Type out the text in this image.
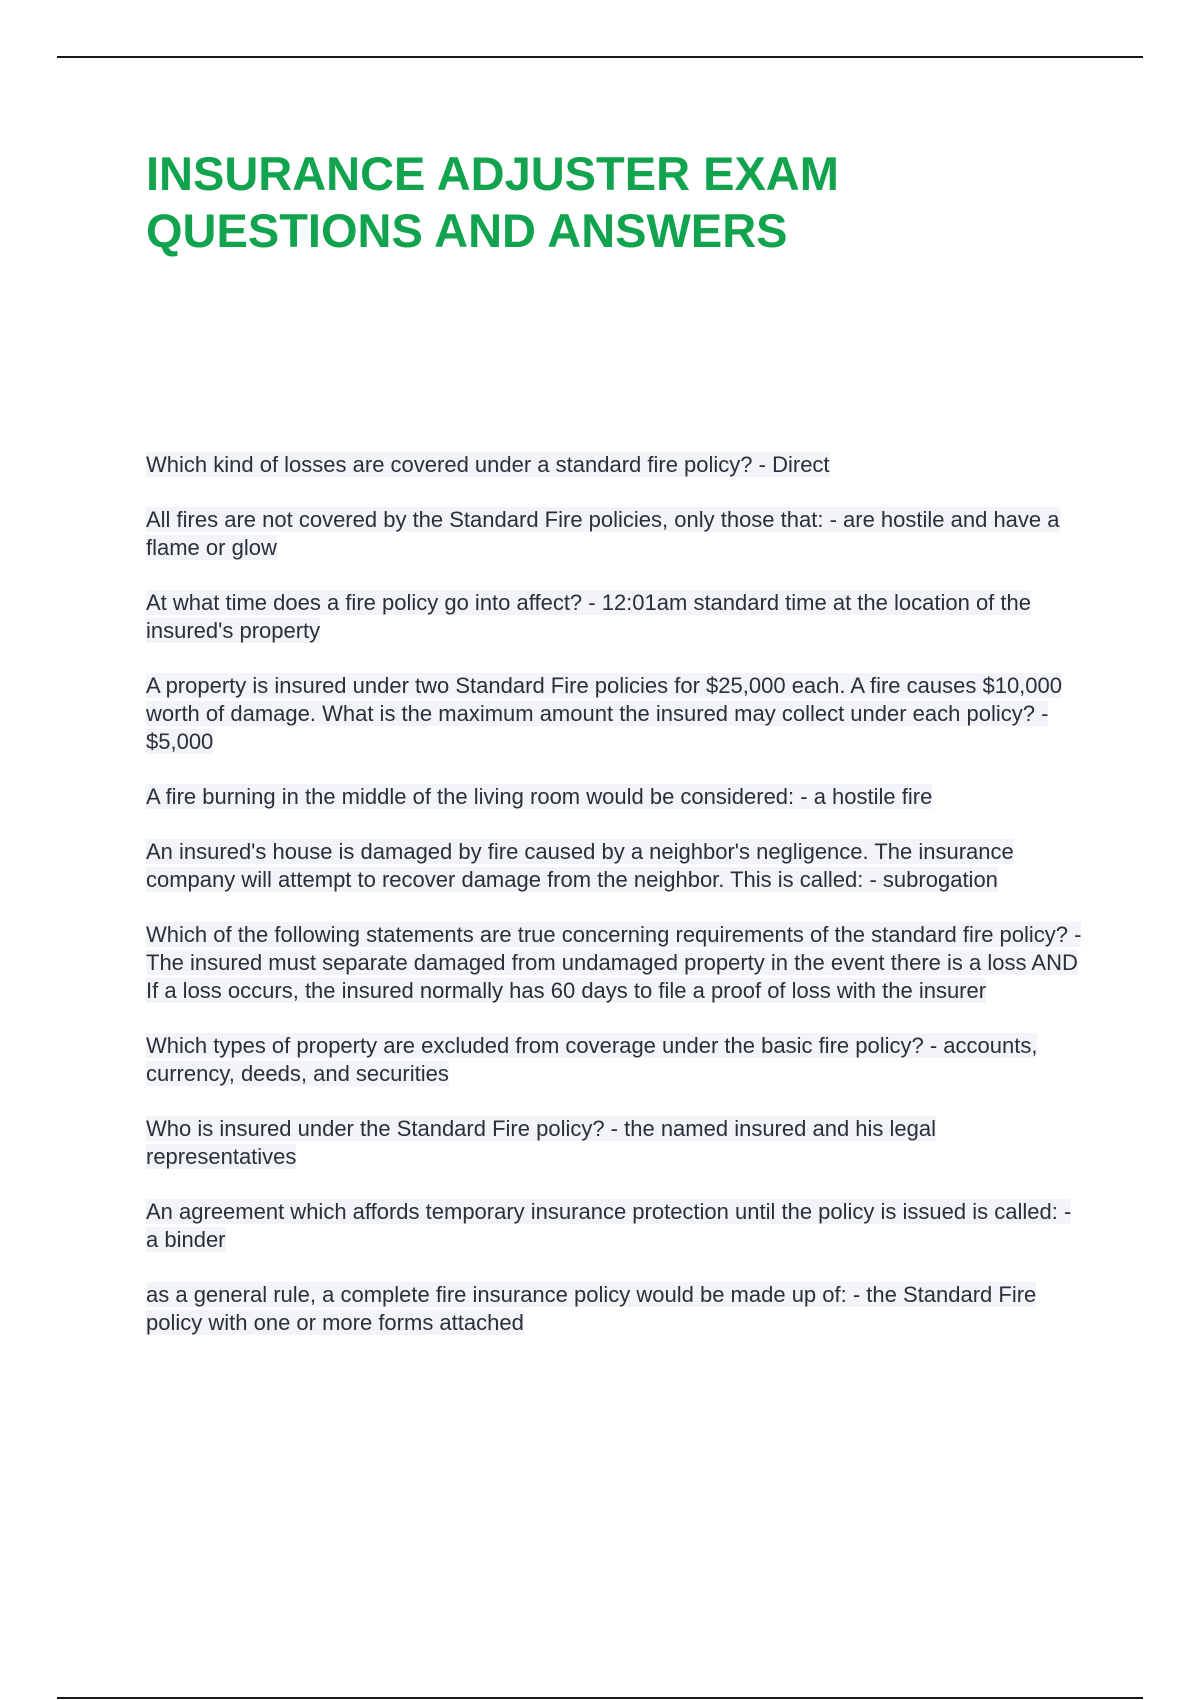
INSURANCE ADJUSTER EXAM
QUESTIONS AND ANSWERS
Which kind of losses are covered under a standard fire policy? - Direct
All fires are not covered by the Standard Fire policies, only those that: - are hostile and have a flame or glow
At what time does a fire policy go into affect? - 12:01am standard time at the location of the insured's property
A property is insured under two Standard Fire policies for $25,000 each. A fire causes $10,000 worth of damage. What is the maximum amount the insured may collect under each policy? - $5,000
A fire burning in the middle of the living room would be considered: - a hostile fire
An insured's house is damaged by fire caused by a neighbor's negligence. The insurance company will attempt to recover damage from the neighbor. This is called: - subrogation
Which of the following statements are true concerning requirements of the standard fire policy? - The insured must separate damaged from undamaged property in the event there is a loss AND If a loss occurs, the insured normally has 60 days to file a proof of loss with the insurer
Which types of property are excluded from coverage under the basic fire policy? - accounts, currency, deeds, and securities
Who is insured under the Standard Fire policy? - the named insured and his legal representatives
An agreement which affords temporary insurance protection until the policy is issued is called: - a binder
as a general rule, a complete fire insurance policy would be made up of: - the Standard Fire policy with one or more forms attached
